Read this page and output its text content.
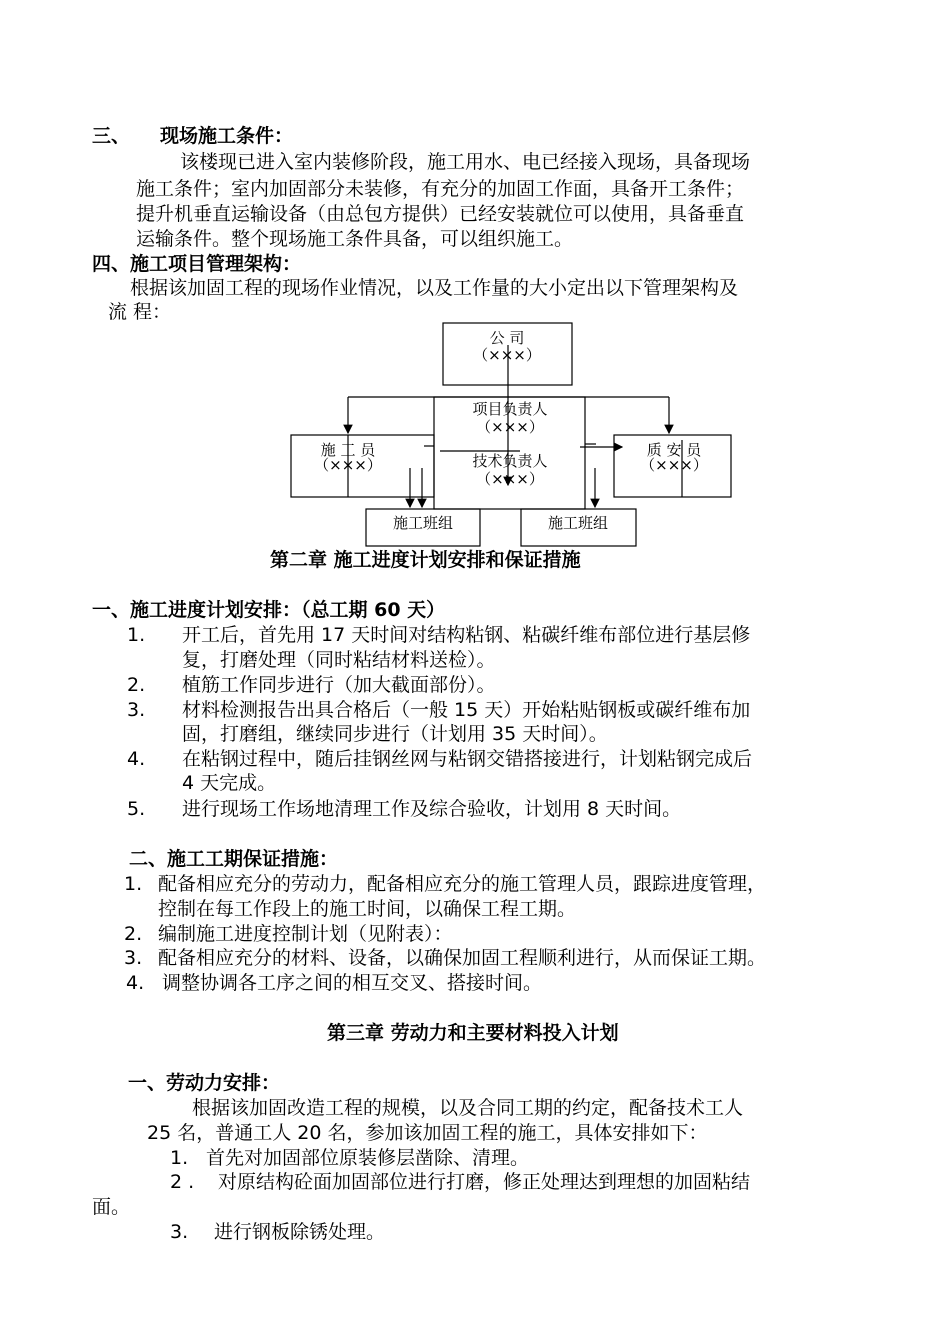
三、 现场施工条件：
该楼现已进入室内装修阶段，施工用水、电已经接入现场，具备现场
施工条件；室内加固部分未装修，有充分的加固工作面，具备开工条件；
提升机垂直运输设备（由总包方提供）已经安装就位可以使用，具备垂直
运输条件。整个现场施工条件具备，可以组织施工。
四、施工项目管理架构：
根据该加固工程的现场作业情况，以及工作量的大小定出以下管理架构及
流 程：
公 司
（×××）
项目负责人
（×××）
技术负责人
（×××）
施 工 员
（×××）
质 安 员
（×××）
施工班组	施工班组
第二章 施工进度计划安排和保证措施
一、施工进度计划安排：（总工期 60 天）
1. 开工后，首先用 17 天时间对结构粘钢、粘碳纤维布部位进行基层修
复，打磨处理（同时粘结材料送检）。
2. 植筋工作同步进行（加大截面部份）。
3. 材料检测报告出具合格后（一般 15 天）开始粘贴钢板或碳纤维布加
固，打磨组，继续同步进行（计划用 35 天时间）。
4. 在粘钢过程中，随后挂钢丝网与粘钢交错搭接进行，计划粘钢完成后
4 天完成。
5. 进行现场工作场地清理工作及综合验收，计划用 8 天时间。
二、施工工期保证措施：
1. 配备相应充分的劳动力，配备相应充分的施工管理人员，跟踪进度管理，
控制在每工作段上的施工时间，以确保工程工期。
2. 编制施工进度控制计划（见附表）：
3. 配备相应充分的材料、设备，以确保加固工程顺利进行，从而保证工期。
4. 调整协调各工序之间的相互交叉、搭接时间。
第三章 劳动力和主要材料投入计划
一、劳动力安排：
根据该加固改造工程的规模，以及合同工期的约定，配备技术工人
25 名，普通工人 20 名，参加该加固工程的施工，具体安排如下：
1. 首先对加固部位原装修层凿除、清理。
2 . 对原结构砼面加固部位进行打磨，修正处理达到理想的加固粘结
面。
3. 进行钢板除锈处理。
